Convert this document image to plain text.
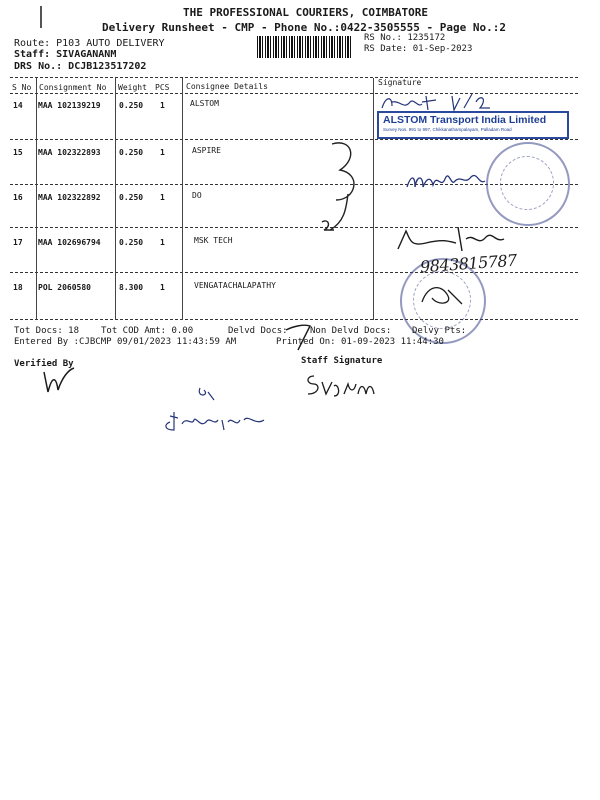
THE PROFESSIONAL COURIERS, COIMBATORE
Delivery Runsheet - CMP - Phone No.:0422-3505555 - Page No.:2
Route: P103 AUTO DELIVERY
Staff: SIVAGANANM
DRS No.: DCJB123517202
RS No.: 1235172
RS Date: 01-Sep-2023
S No Consignment No Weight PCS Consignee Details	Signature
14 MAA 102139219 0.250 1	ALSTOM
15 MAA 102322893 0.250 1	ASPIRE
16 MAA 102322892 0.250 1	DO
17 MAA 102696794 0.250 1	MSK TECH
18 POL 2060580	8.300 1	VENGATACHALAPATHY
ALSTOM Transport India Limited
Survey Nos. 991 to 997, Chikkanathampalayam, Palladam Road
9843815787
Tot Docs: 18 Tot COD Amt: 0.00	Delvd Docs: Non Delvd Docs: Delvy Pts:
Entered By :CJBCMP 09/01/2023 11:43:59 AM	Printed On: 01-09-2023 11:44:30
Verified By	Staff Signature
